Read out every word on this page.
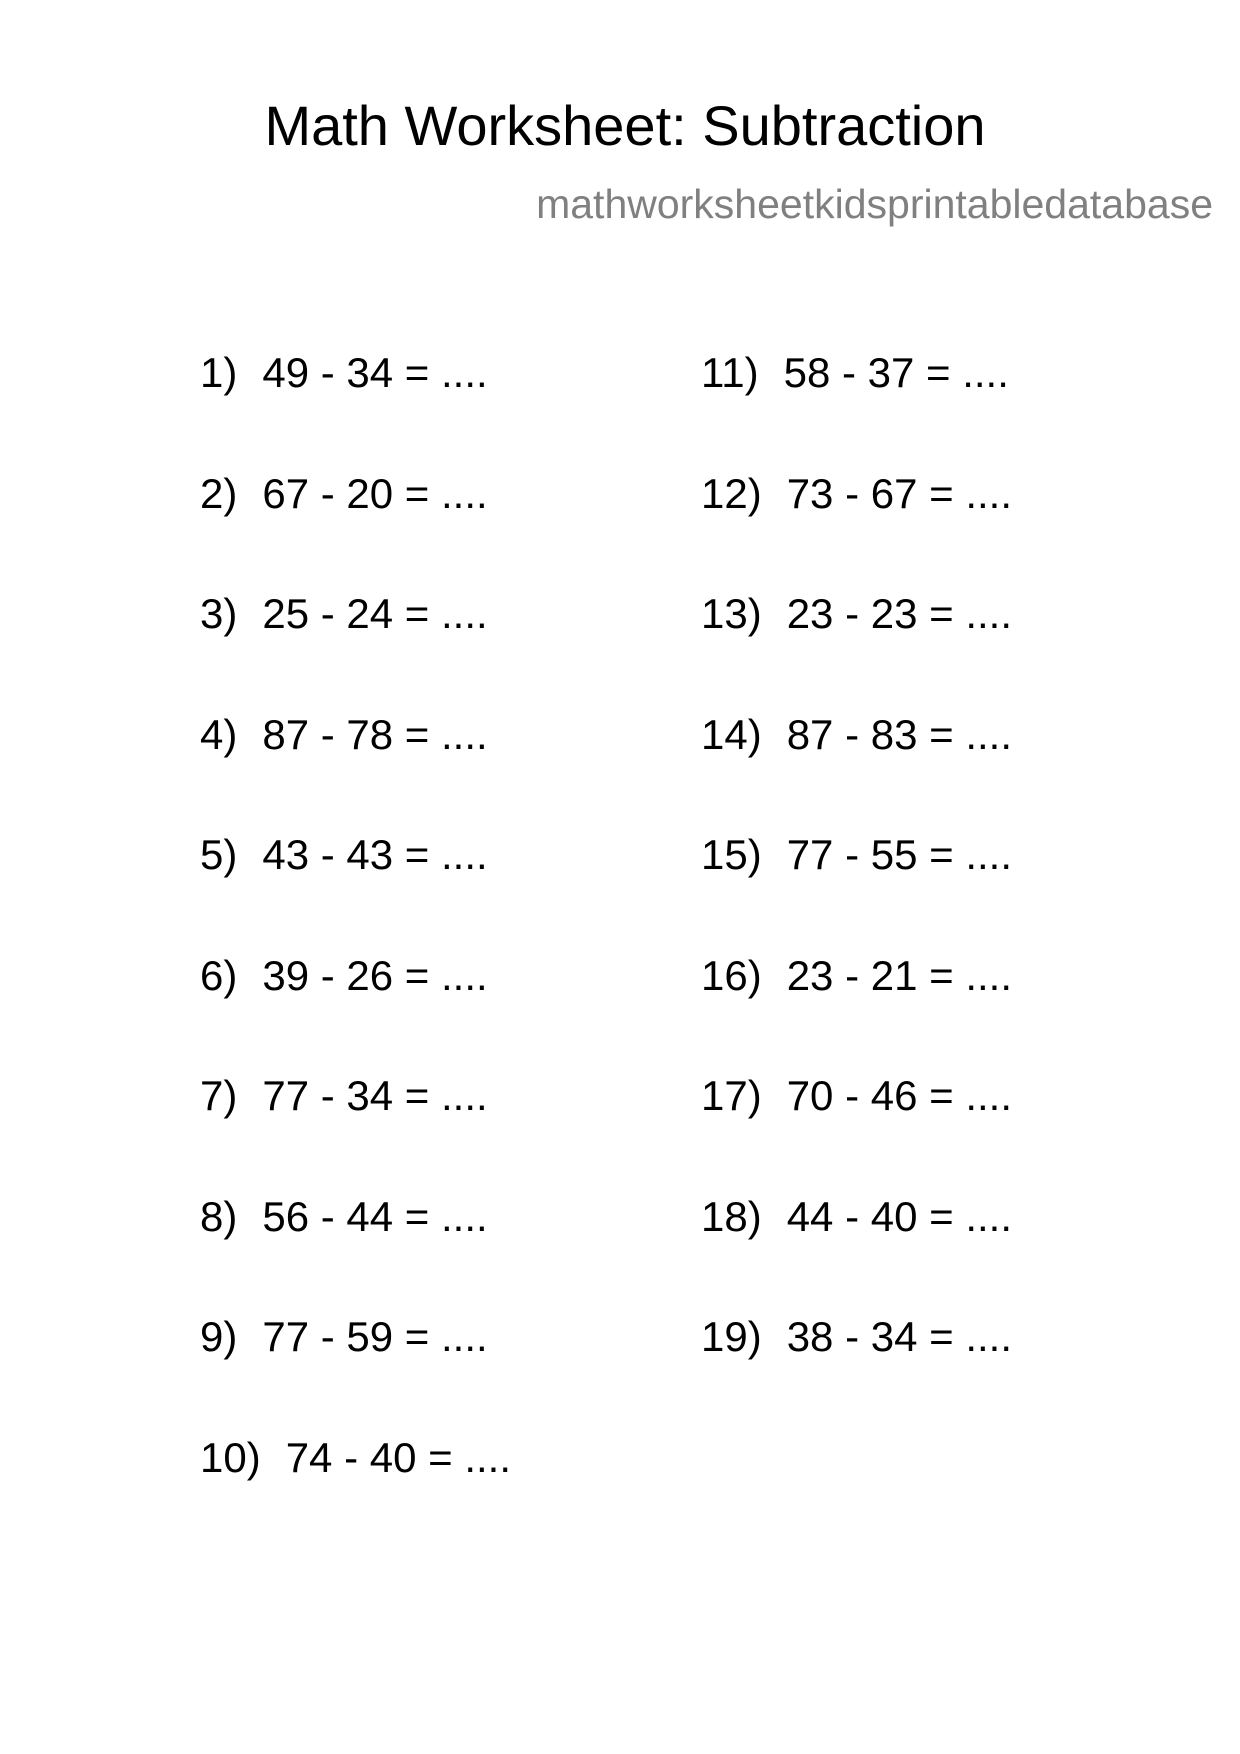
Math Worksheet: Subtraction
mathworksheetkidsprintabledatabase
1) 49 - 34 = ....
2) 67 - 20 = ....
3) 25 - 24 = ....
4) 87 - 78 = ....
5) 43 - 43 = ....
6) 39 - 26 = ....
7) 77 - 34 = ....
8) 56 - 44 = ....
9) 77 - 59 = ....
10) 74 - 40 = ....
11) 58 - 37 = ....
12) 73 - 67 = ....
13) 23 - 23 = ....
14) 87 - 83 = ....
15) 77 - 55 = ....
16) 23 - 21 = ....
17) 70 - 46 = ....
18) 44 - 40 = ....
19) 38 - 34 = ....
